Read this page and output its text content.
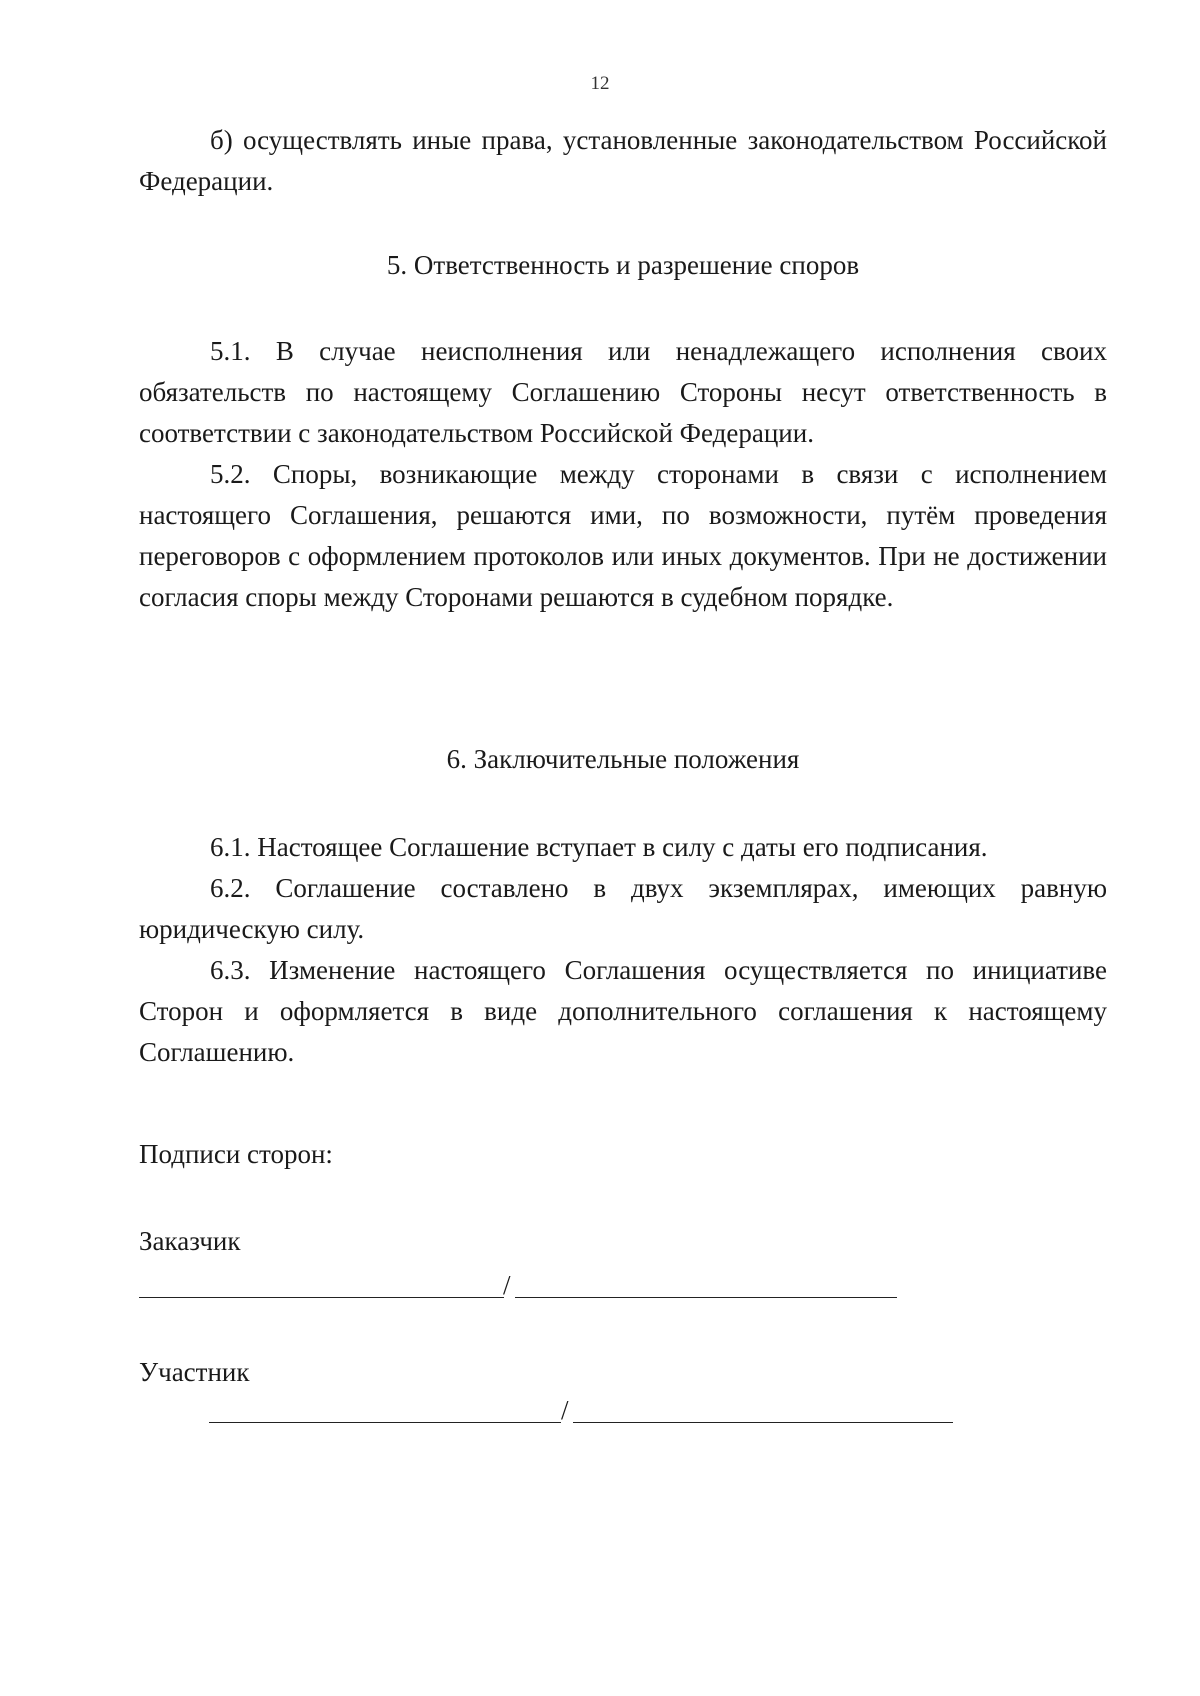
12

б) осуществлять иные права, установленные законодательством Российской Федерации.

5. Ответственность и разрешение споров

5.1. В случае неисполнения или ненадлежащего исполнения своих обязательств по настоящему Соглашению Стороны несут ответственность в соответствии с законодательством Российской Федерации.

5.2. Споры, возникающие между сторонами в связи с исполнением настоящего Соглашения, решаются ими, по возможности, путём проведения переговоров с оформлением протоколов или иных документов. При не достижении согласия споры между Сторонами решаются в судебном порядке.

6. Заключительные положения

6.1. Настоящее Соглашение вступает в силу с даты его подписания.

6.2. Соглашение составлено в двух экземплярах, имеющих равную юридическую силу.

6.3. Изменение настоящего Соглашения осуществляется по инициативе Сторон и оформляется в виде дополнительного соглашения к настоящему Соглашению.

Подписи сторон:
Заказчик
/
Участник
/
